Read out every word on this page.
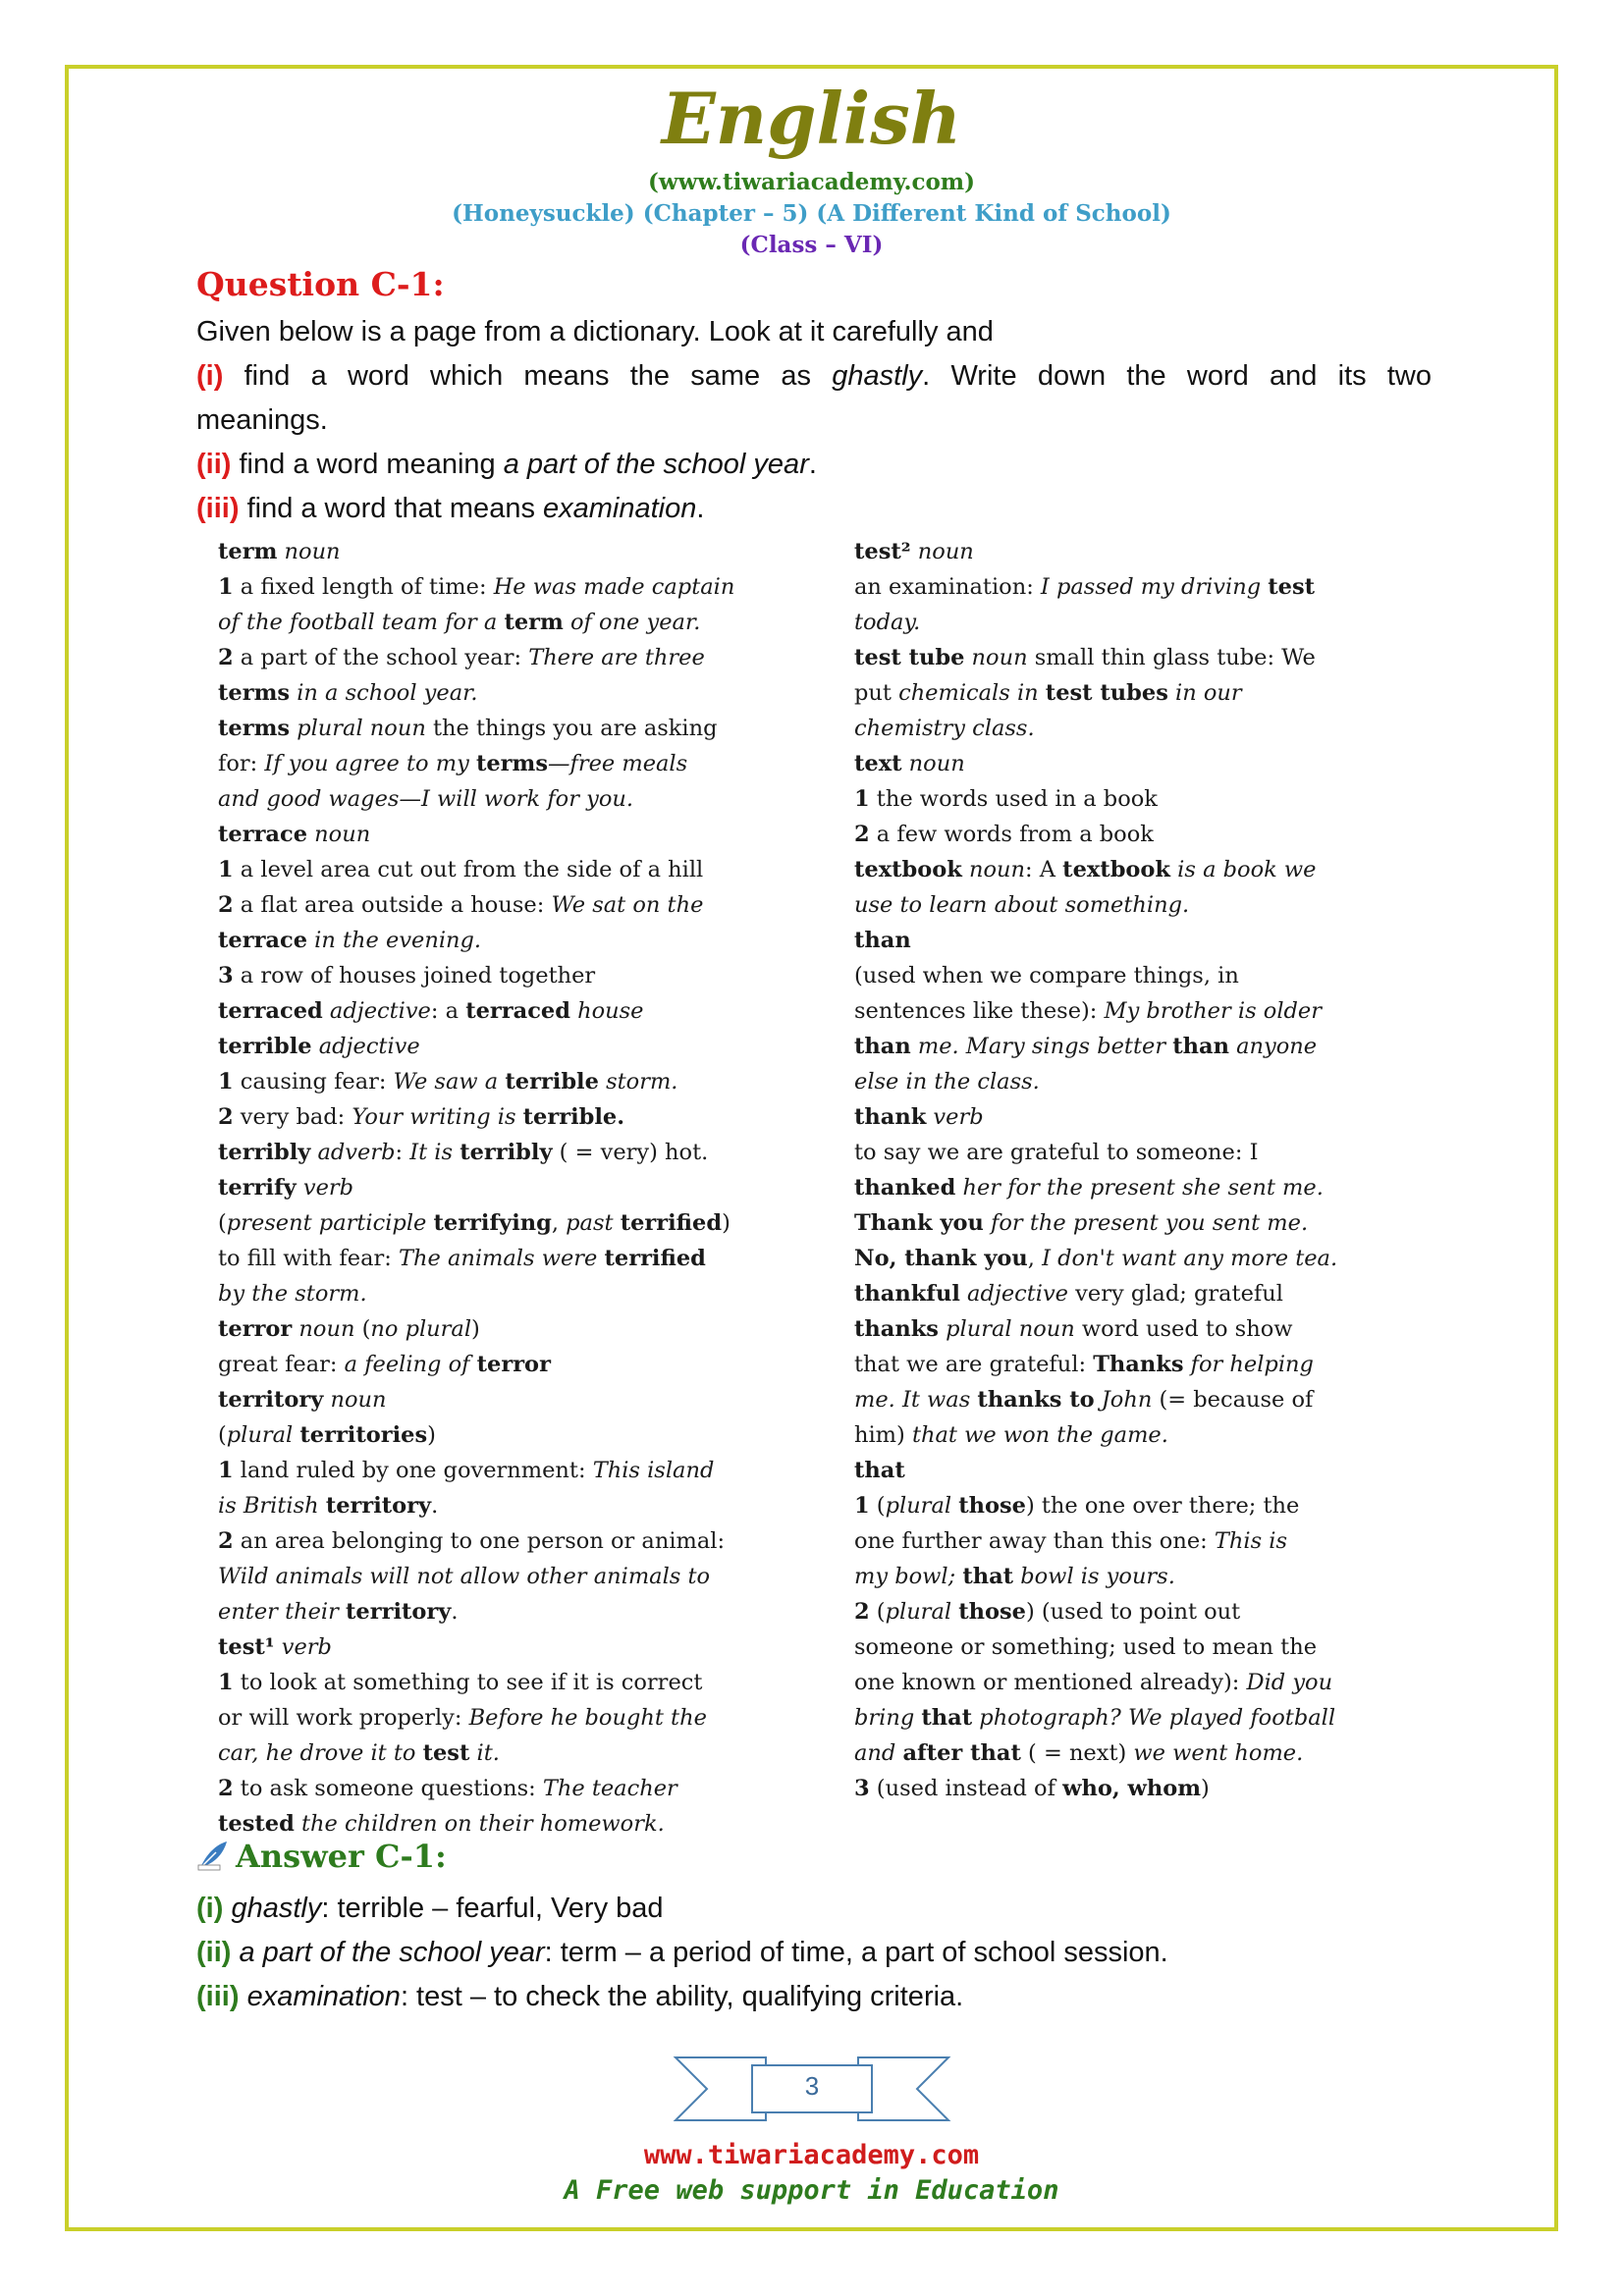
English
(www.tiwariacademy.com)
(Honeysuckle) (Chapter – 5) (A Different Kind of School)
(Class – VI)
Question C-1:
Given below is a page from a dictionary. Look at it carefully and
(i) find a word which means the same as ghastly. Write down the word and its two
meanings.
(ii) find a word meaning a part of the school year.
(iii) find a word that means examination.
term noun
1 a fixed length of time: He was made captain
of the football team for a term of one year.
2 a part of the school year: There are three
terms in a school year.
terms plural noun the things you are asking
for: If you agree to my terms—free meals
and good wages—I will work for you.
terrace noun
1 a level area cut out from the side of a hill
2 a flat area outside a house: We sat on the
terrace in the evening.
3 a row of houses joined together
terraced adjective: a terraced house
terrible adjective
1 causing fear: We saw a terrible storm.
2 very bad: Your writing is terrible.
terribly adverb: It is terribly ( = very) hot.
terrify verb
(present participle terrifying, past terrified)
to fill with fear: The animals were terrified
by the storm.
terror noun (no plural)
great fear: a feeling of terror
territory noun
(plural territories)
1 land ruled by one government: This island
is British territory.
2 an area belonging to one person or animal:
Wild animals will not allow other animals to
enter their territory.
test¹ verb
1 to look at something to see if it is correct
or will work properly: Before he bought the
car, he drove it to test it.
2 to ask someone questions: The teacher
tested the children on their homework.
test² noun
an examination: I passed my driving test
today.
test tube noun small thin glass tube: We
put chemicals in test tubes in our
chemistry class.
text noun
1 the words used in a book
2 a few words from a book
textbook noun: A textbook is a book we
use to learn about something.
than
(used when we compare things, in
sentences like these): My brother is older
than me. Mary sings better than anyone
else in the class.
thank verb
to say we are grateful to someone: I
thanked her for the present she sent me.
Thank you for the present you sent me.
No, thank you, I don't want any more tea.
thankful adjective very glad; grateful
thanks plural noun word used to show
that we are grateful: Thanks for helping
me. It was thanks to John (= because of
him) that we won the game.
that
1 (plural those) the one over there; the
one further away than this one: This is
my bowl; that bowl is yours.
2 (plural those) (used to point out
someone or something; used to mean the
one known or mentioned already): Did you
bring that photograph? We played football
and after that ( = next) we went home.
3 (used instead of who, whom)
Answer C-1:
(i) ghastly: terrible – fearful, Very bad
(ii) a part of the school year: term – a period of time, a part of school session.
(iii) examination: test – to check the ability, qualifying criteria.
3
www.tiwariacademy.com
A Free web support in Education
